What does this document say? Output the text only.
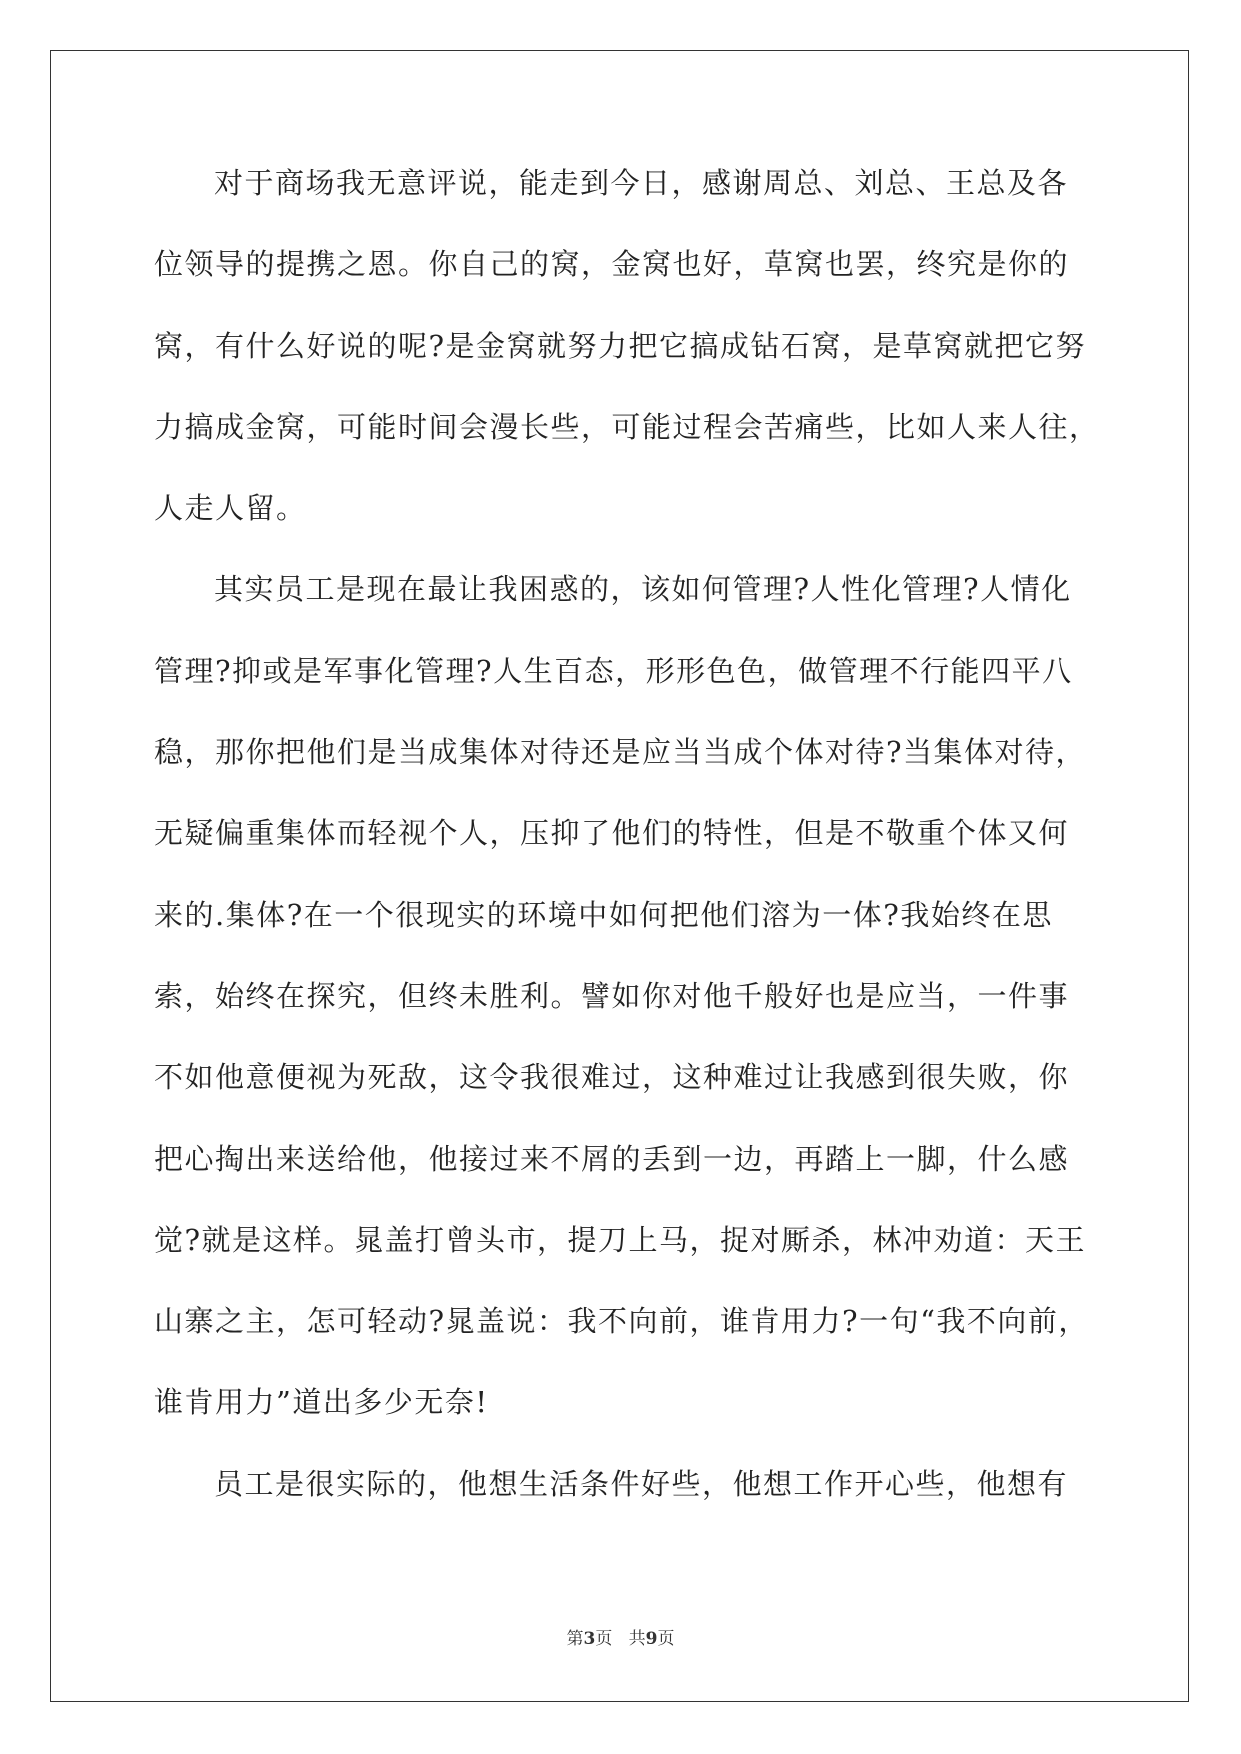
对于商场我无意评说，能走到今日，感谢周总、刘总、王总及各
位领导的提携之恩。你自己的窝，金窝也好，草窝也罢，终究是你的
窝，有什么好说的呢?是金窝就努力把它搞成钻石窝，是草窝就把它努
力搞成金窝，可能时间会漫长些，可能过程会苦痛些，比如人来人往，
人走人留。
其实员工是现在最让我困惑的，该如何管理?人性化管理?人情化
管理?抑或是军事化管理?人生百态，形形色色，做管理不行能四平八
稳，那你把他们是当成集体对待还是应当当成个体对待?当集体对待，
无疑偏重集体而轻视个人，压抑了他们的特性，但是不敬重个体又何
来的.集体?在一个很现实的环境中如何把他们溶为一体?我始终在思
索，始终在探究，但终未胜利。譬如你对他千般好也是应当，一件事
不如他意便视为死敌，这令我很难过，这种难过让我感到很失败，你
把心掏出来送给他，他接过来不屑的丢到一边，再踏上一脚，什么感
觉?就是这样。晁盖打曾头市，提刀上马，捉对厮杀，林冲劝道：天王
山寨之主，怎可轻动?晁盖说：我不向前，谁肯用力?一句“我不向前，
谁肯用力”道出多少无奈!
员工是很实际的，他想生活条件好些，他想工作开心些，他想有
第3页 共9页
